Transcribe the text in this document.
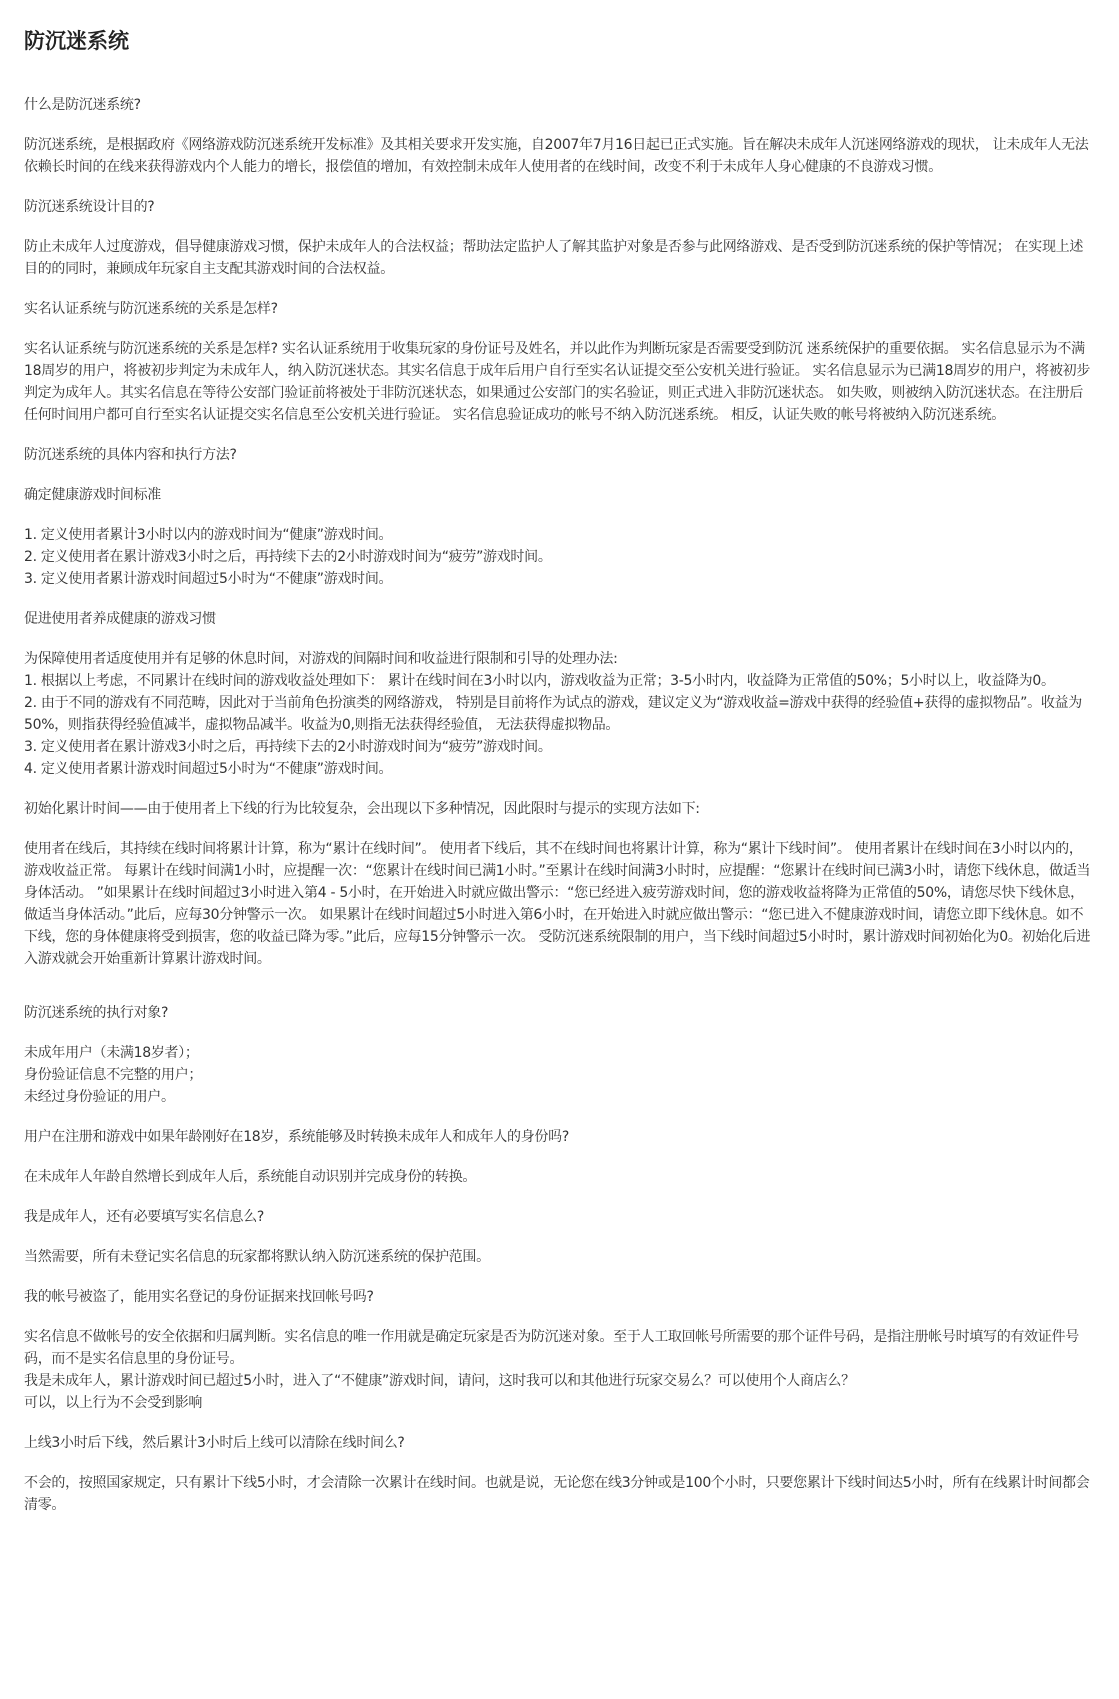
防沉迷系统

什么是防沉迷系统?

防沉迷系统，是根据政府《网络游戏防沉迷系统开发标准》及其相关要求开发实施，自2007年7月16日起已正式实施。旨在解决未成年人沉迷网络游戏的现状， 让未成年人无法依赖长时间的在线来获得游戏内个人能力的增长，报偿值的增加，有效控制未成年人使用者的在线时间，改变不利于未成年人身心健康的不良游戏习惯。

防沉迷系统设计目的?

防止未成年人过度游戏，倡导健康游戏习惯，保护未成年人的合法权益；帮助法定监护人了解其监护对象是否参与此网络游戏、是否受到防沉迷系统的保护等情况； 在实现上述目的的同时，兼顾成年玩家自主支配其游戏时间的合法权益。

实名认证系统与防沉迷系统的关系是怎样?

实名认证系统与防沉迷系统的关系是怎样? 实名认证系统用于收集玩家的身份证号及姓名，并以此作为判断玩家是否需要受到防沉 迷系统保护的重要依据。 实名信息显示为不满18周岁的用户，将被初步判定为未成年人，纳入防沉迷状态。其实名信息于成年后用户自行至实名认证提交至公安机关进行验证。 实名信息显示为已满18周岁的用户，将被初步判定为成年人。其实名信息在等待公安部门验证前将被处于非防沉迷状态，如果通过公安部门的实名验证，则正式进入非防沉迷状态。 如失败，则被纳入防沉迷状态。在注册后任何时间用户都可自行至实名认证提交实名信息至公安机关进行验证。 实名信息验证成功的帐号不纳入防沉迷系统。 相反，认证失败的帐号将被纳入防沉迷系统。

防沉迷系统的具体内容和执行方法?

确定健康游戏时间标准

1. 定义使用者累计3小时以内的游戏时间为“健康”游戏时间。
2. 定义使用者在累计游戏3小时之后，再持续下去的2小时游戏时间为“疲劳”游戏时间。
3. 定义使用者累计游戏时间超过5小时为“不健康”游戏时间。

促进使用者养成健康的游戏习惯

为保障使用者适度使用并有足够的休息时间，对游戏的间隔时间和收益进行限制和引导的处理办法:

1. 根据以上考虑，不同累计在线时间的游戏收益处理如下： 累计在线时间在3小时以内，游戏收益为正常；3-5小时内，收益降为正常值的50%；5小时以上，收益降为0。
2. 由于不同的游戏有不同范畴，因此对于当前角色扮演类的网络游戏， 特别是目前将作为试点的游戏，建议定义为“游戏收益=游戏中获得的经验值+获得的虚拟物品”。收益为50%，则指获得经验值减半，虚拟物品减半。收益为0,则指无法获得经验值， 无法获得虚拟物品。
3. 定义使用者在累计游戏3小时之后，再持续下去的2小时游戏时间为“疲劳”游戏时间。
4. 定义使用者累计游戏时间超过5小时为“不健康”游戏时间。

初始化累计时间——由于使用者上下线的行为比较复杂，会出现以下多种情况，因此限时与提示的实现方法如下:

使用者在线后，其持续在线时间将累计计算，称为“累计在线时间”。 使用者下线后，其不在线时间也将累计计算，称为“累计下线时间”。 使用者累计在线时间在3小时以内的，游戏收益正常。 每累计在线时间满1小时，应提醒一次：“您累计在线时间已满1小时。”至累计在线时间满3小时时，应提醒：“您累计在线时间已满3小时，请您下线休息，做适当身体活动。 ”如果累计在线时间超过3小时进入第4 - 5小时，在开始进入时就应做出警示：“您已经进入疲劳游戏时间，您的游戏收益将降为正常值的50%，请您尽快下线休息，做适当身体活动。”此后，应每30分钟警示一次。 如果累计在线时间超过5小时进入第6小时，在开始进入时就应做出警示：“您已进入不健康游戏时间，请您立即下线休息。如不下线，您的身体健康将受到损害，您的收益已降为零。”此后，应每15分钟警示一次。 受防沉迷系统限制的用户，当下线时间超过5小时时，累计游戏时间初始化为0。初始化后进入游戏就会开始重新计算累计游戏时间。

防沉迷系统的执行对象?

未成年用户（未满18岁者）；
身份验证信息不完整的用户；
未经过身份验证的用户。

用户在注册和游戏中如果年龄刚好在18岁，系统能够及时转换未成年人和成年人的身份吗?

在未成年人年龄自然增长到成年人后，系统能自动识别并完成身份的转换。

我是成年人，还有必要填写实名信息么?

当然需要，所有未登记实名信息的玩家都将默认纳入防沉迷系统的保护范围。

我的帐号被盗了，能用实名登记的身份证据来找回帐号吗?

实名信息不做帐号的安全依据和归属判断。实名信息的唯一作用就是确定玩家是否为防沉迷对象。至于人工取回帐号所需要的那个证件号码，是指注册帐号时填写的有效证件号码，而不是实名信息里的身份证号。

我是未成年人，累计游戏时间已超过5小时，进入了“不健康”游戏时间，请问，这时我可以和其他进行玩家交易么？可以使用个人商店么？

可以，以上行为不会受到影响

上线3小时后下线，然后累计3小时后上线可以清除在线时间么?

不会的，按照国家规定，只有累计下线5小时，才会清除一次累计在线时间。也就是说，无论您在线3分钟或是100个小时，只要您累计下线时间达5小时，所有在线累计时间都会清零。
